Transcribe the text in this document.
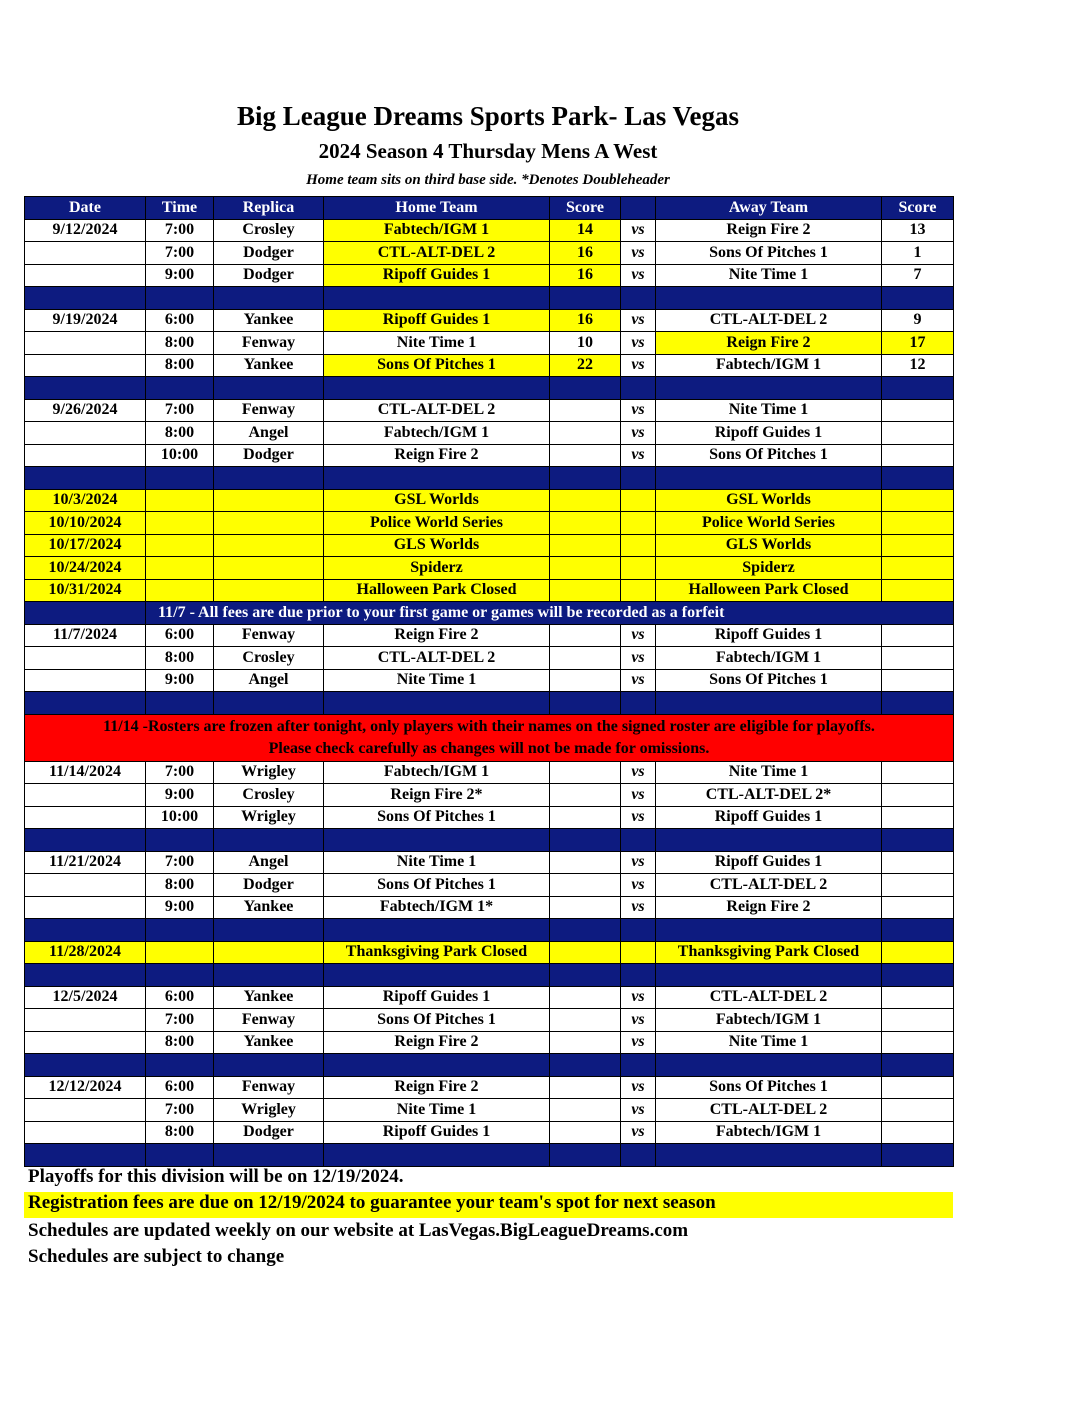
Big League Dreams Sports Park- Las Vegas
2024 Season 4 Thursday Mens A West
Home team sits on third base side. *Denotes Doubleheader
Date	Time	Replica	Home Team	Score		Away Team	Score
9/12/2024	7:00	Crosley	Fabtech/IGM 1	14	vs	Reign Fire 2	13
	7:00	Dodger	CTL-ALT-DEL 2	16	vs	Sons Of Pitches 1	1
	9:00	Dodger	Ripoff Guides 1	16	vs	Nite Time 1	7

9/19/2024	6:00	Yankee	Ripoff Guides 1	16	vs	CTL-ALT-DEL 2	9
	8:00	Fenway	Nite Time 1	10	vs	Reign Fire 2	17
	8:00	Yankee	Sons Of Pitches 1	22	vs	Fabtech/IGM 1	12

9/26/2024	7:00	Fenway	CTL-ALT-DEL 2		vs	Nite Time 1	
	8:00	Angel	Fabtech/IGM 1		vs	Ripoff Guides 1	
	10:00	Dodger	Reign Fire 2		vs	Sons Of Pitches 1	

10/3/2024			GSL Worlds			GSL Worlds	
10/10/2024			Police World Series			Police World Series	
10/17/2024			GLS Worlds			GLS Worlds	
10/24/2024			Spiderz			Spiderz	
10/31/2024			Halloween Park Closed			Halloween Park Closed	
	11/7 - All fees are due prior to your first game or games will be recorded as a forfeit						
11/7/2024	6:00	Fenway	Reign Fire 2		vs	Ripoff Guides 1	
	8:00	Crosley	CTL-ALT-DEL 2		vs	Fabtech/IGM 1	
	9:00	Angel	Nite Time 1		vs	Sons Of Pitches 1	

11/14 -Rosters are frozen after tonight, only players with their names on the signed roster are eligible for playoffs.
Please check carefully as changes will not be made for omissions.							

11/14/2024	7:00	Wrigley	Fabtech/IGM 1		vs	Nite Time 1	
	9:00	Crosley	Reign Fire 2*		vs	CTL-ALT-DEL 2*	
	10:00	Wrigley	Sons Of Pitches 1		vs	Ripoff Guides 1	

11/21/2024	7:00	Angel	Nite Time 1		vs	Ripoff Guides 1	
	8:00	Dodger	Sons Of Pitches 1		vs	CTL-ALT-DEL 2	
	9:00	Yankee	Fabtech/IGM 1*		vs	Reign Fire 2	

11/28/2024			Thanksgiving Park Closed			Thanksgiving Park Closed	

12/5/2024	6:00	Yankee	Ripoff Guides 1		vs	CTL-ALT-DEL 2	
	7:00	Fenway	Sons Of Pitches 1		vs	Fabtech/IGM 1	
	8:00	Yankee	Reign Fire 2		vs	Nite Time 1	

12/12/2024	6:00	Fenway	Reign Fire 2		vs	Sons Of Pitches 1	
	7:00	Wrigley	Nite Time 1		vs	CTL-ALT-DEL 2	
	8:00	Dodger	Ripoff Guides 1		vs	Fabtech/IGM 1	

Playoffs for this division will be on 12/19/2024.
Registration fees are due on 12/19/2024 to guarantee your team's spot for next season
Schedules are updated weekly on our website at LasVegas.BigLeagueDreams.com
Schedules are subject to change
